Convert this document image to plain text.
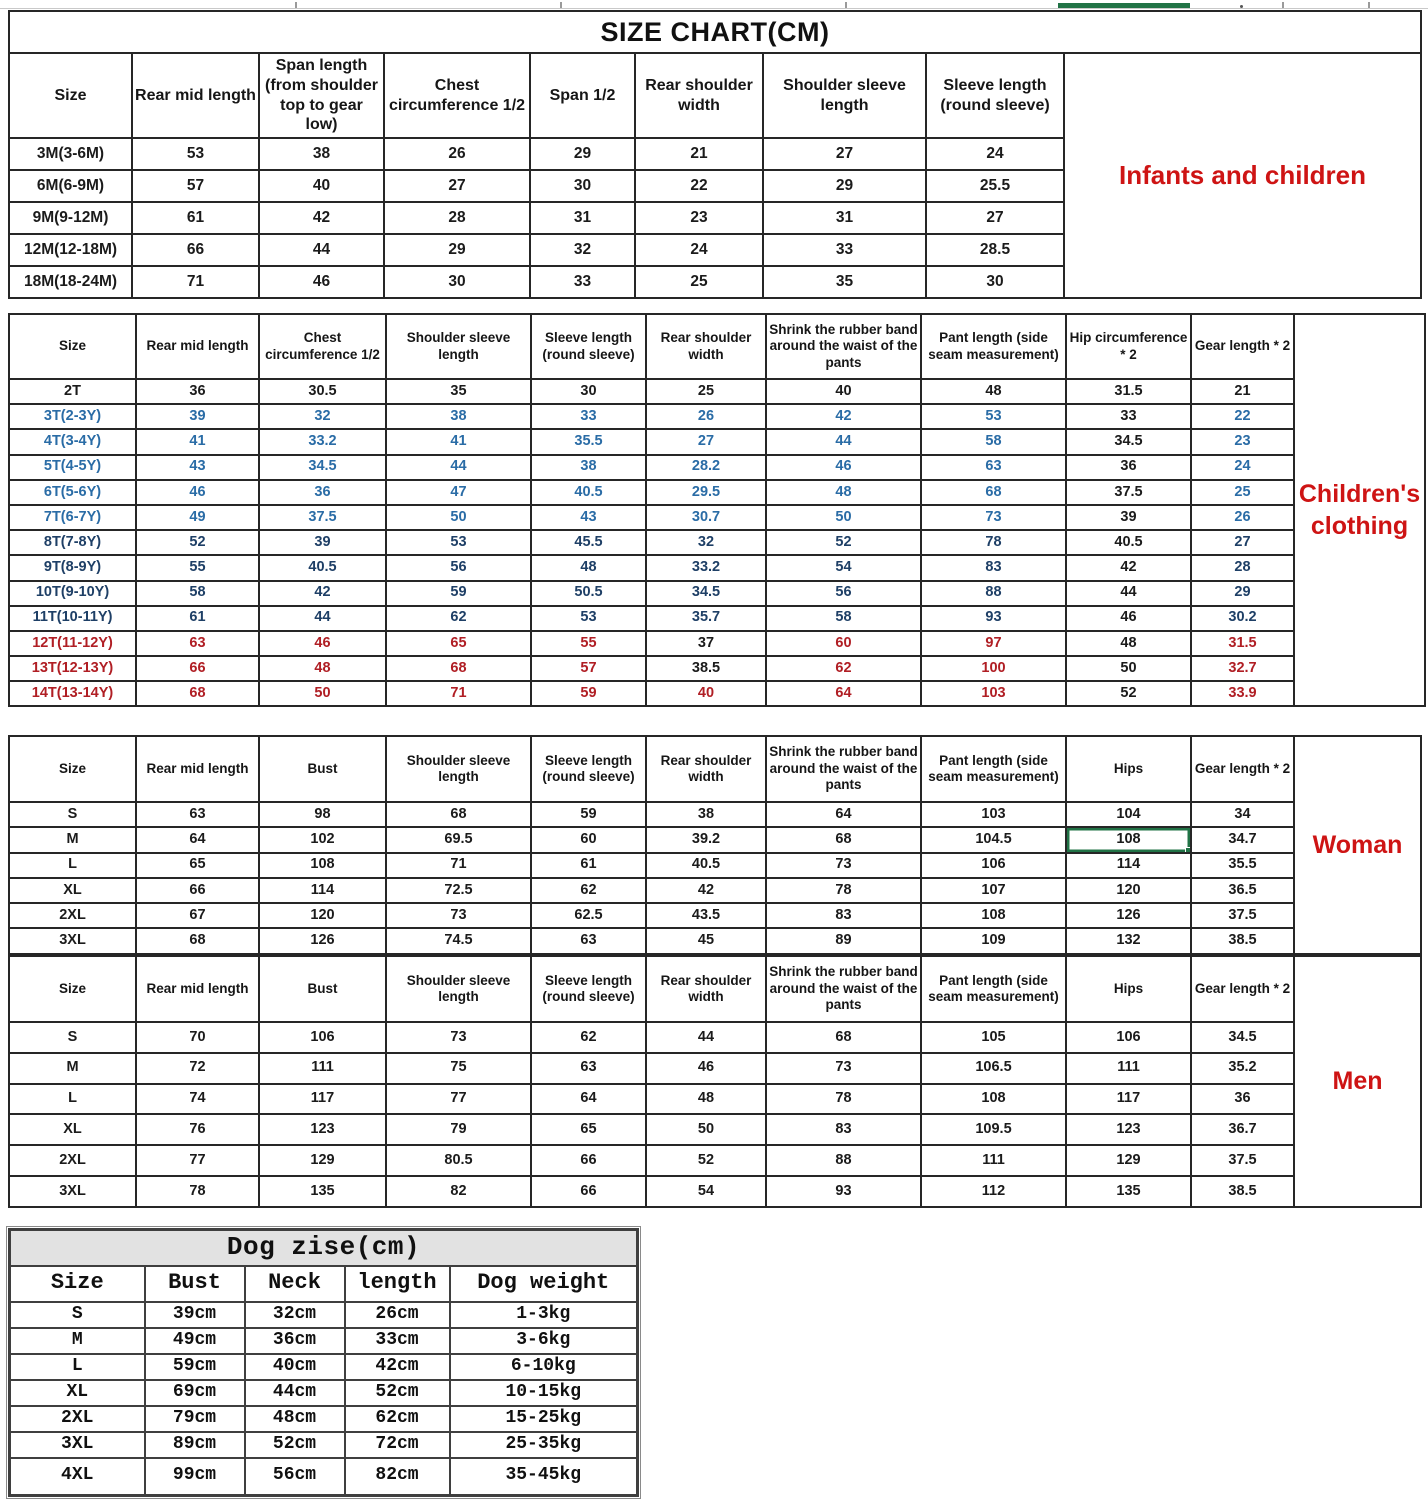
SIZE CHART(CM)								
Size	Rear mid length	Span length (from shoulder top to gear low)	Chest circumference 1/2	Span 1/2	Rear shoulder width	Shoulder sleeve length	Sleeve length (round sleeve)	Infants and children
3M(3-6M)	53	38	26	29	21	27	24	
6M(6-9M)	57	40	27	30	22	29	25.5	
9M(9-12M)	61	42	28	31	23	31	27	
12M(12-18M)	66	44	29	32	24	33	28.5	
18M(18-24M)	71	46	30	33	25	35	30	
Size	Rear mid length	Chest circumference 1/2	Shoulder sleeve length	Sleeve length (round sleeve)	Rear shoulder width	Shrink the rubber band around the waist of the pants	Pant length (side seam measurement)	Hip circumference * 2	Gear length * 2	Children's clothing
2T	36	30.5	35	30	25	40	48	31.5	21	
3T(2-3Y)	39	32	38	33	26	42	53	33	22	
4T(3-4Y)	41	33.2	41	35.5	27	44	58	34.5	23	
5T(4-5Y)	43	34.5	44	38	28.2	46	63	36	24	
6T(5-6Y)	46	36	47	40.5	29.5	48	68	37.5	25	
7T(6-7Y)	49	37.5	50	43	30.7	50	73	39	26	
8T(7-8Y)	52	39	53	45.5	32	52	78	40.5	27	
9T(8-9Y)	55	40.5	56	48	33.2	54	83	42	28	
10T(9-10Y)	58	42	59	50.5	34.5	56	88	44	29	
11T(10-11Y)	61	44	62	53	35.7	58	93	46	30.2	
12T(11-12Y)	63	46	65	55	37	60	97	48	31.5	
13T(12-13Y)	66	48	68	57	38.5	62	100	50	32.7	
14T(13-14Y)	68	50	71	59	40	64	103	52	33.9	
Size	Rear mid length	Bust	Shoulder sleeve length	Sleeve length (round sleeve)	Rear shoulder width	Shrink the rubber band around the waist of the pants	Pant length (side seam measurement)	Hips	Gear length * 2	Woman
S	63	98	68	59	38	64	103	104	34	
M	64	102	69.5	60	39.2	68	104.5	108	34.7	
L	65	108	71	61	40.5	73	106	114	35.5	
XL	66	114	72.5	62	42	78	107	120	36.5	
2XL	67	120	73	62.5	43.5	83	108	126	37.5	
3XL	68	126	74.5	63	45	89	109	132	38.5	
Size	Rear mid length	Bust	Shoulder sleeve length	Sleeve length (round sleeve)	Rear shoulder width	Shrink the rubber band around the waist of the pants	Pant length (side seam measurement)	Hips	Gear length * 2	Men
S	70	106	73	62	44	68	105	106	34.5	
M	72	111	75	63	46	73	106.5	111	35.2	
L	74	117	77	64	48	78	108	117	36	
XL	76	123	79	65	50	83	109.5	123	36.7	
2XL	77	129	80.5	66	52	88	111	129	37.5	
3XL	78	135	82	66	54	93	112	135	38.5	
Dog zise(cm)				
Size	Bust	Neck	length	Dog weight
S	39cm	32cm	26cm	1-3kg
M	49cm	36cm	33cm	3-6kg
L	59cm	40cm	42cm	6-10kg
XL	69cm	44cm	52cm	10-15kg
2XL	79cm	48cm	62cm	15-25kg
3XL	89cm	52cm	72cm	25-35kg
4XL	99cm	56cm	82cm	35-45kg
